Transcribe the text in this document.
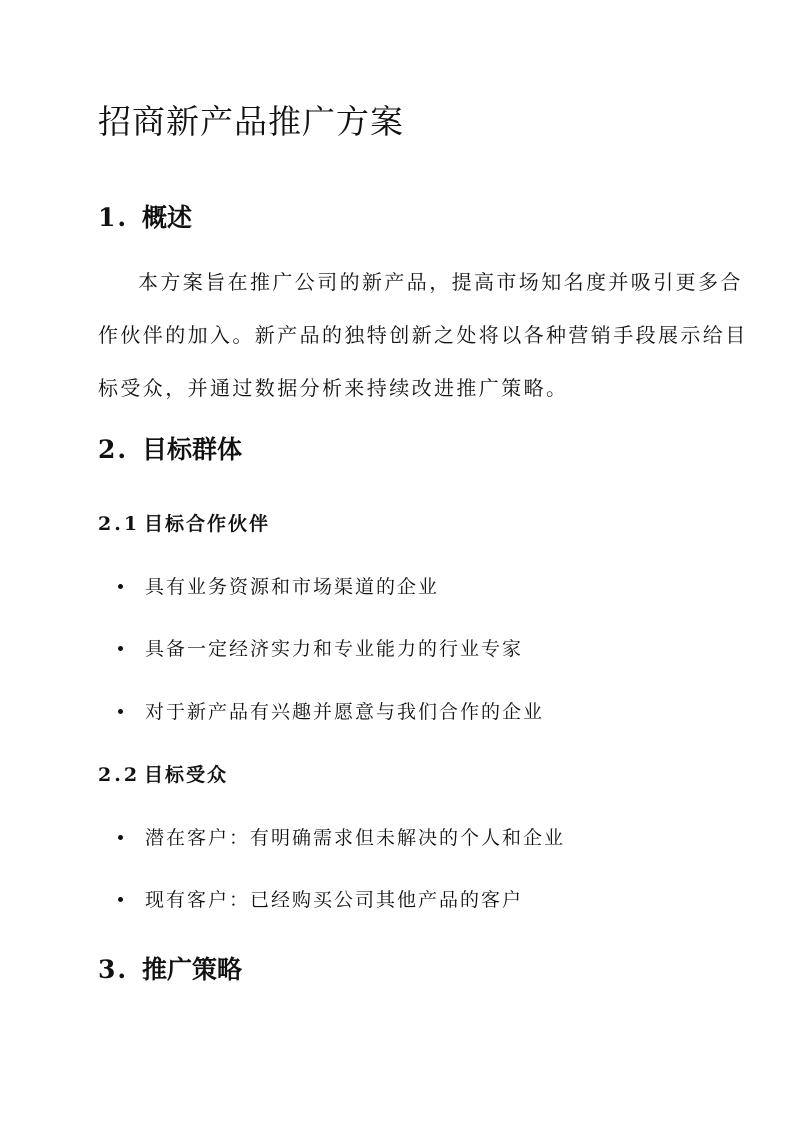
招商新产品推广方案
1. 概述
本方案旨在推广公司的新产品，提高市场知名度并吸引更多合
作伙伴的加入。新产品的独特创新之处将以各种营销手段展示给目
标受众，并通过数据分析来持续改进推广策略。
2. 目标群体
2.1 目标合作伙伴
具有业务资源和市场渠道的企业
具备一定经济实力和专业能力的行业专家
对于新产品有兴趣并愿意与我们合作的企业
2.2 目标受众
潜在客户：有明确需求但未解决的个人和企业
现有客户：已经购买公司其他产品的客户
3. 推广策略
